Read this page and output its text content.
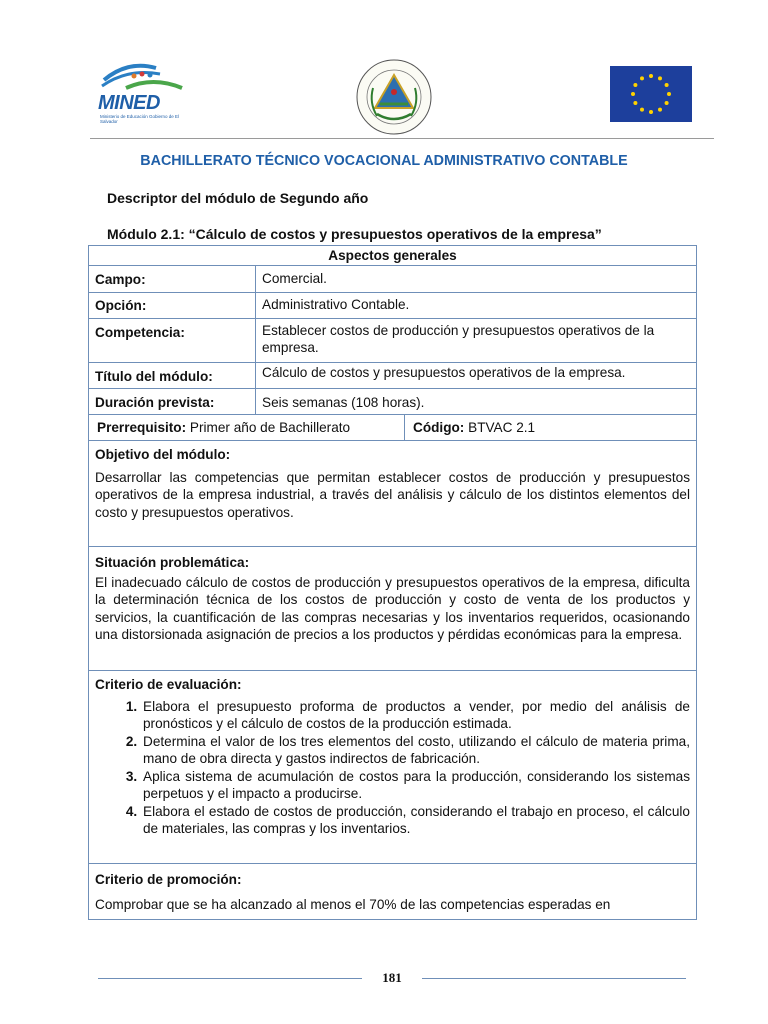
MINED
Ministerio de Educación Gobierno de El Salvador
BACHILLERATO TÉCNICO VOCACIONAL ADMINISTRATIVO CONTABLE
Descriptor del módulo de Segundo año
Módulo 2.1: “Cálculo de costos y presupuestos operativos de la empresa”
Aspectos generales
Campo:	Comercial.
Opción:	Administrativo Contable.
Competencia:	Establecer costos de producción y presupuestos operativos de la empresa.
Título del módulo:	Cálculo de costos y presupuestos operativos de la empresa.
Duración prevista:	Seis semanas (108 horas).
Prerrequisito: Primer año de Bachillerato	Código: BTVAC 2.1
Objetivo del módulo:
Desarrollar las competencias que permitan establecer costos de producción y presupuestos operativos de la empresa industrial, a través del análisis y cálculo de los distintos elementos del costo y presupuestos operativos.
Situación problemática:
El inadecuado cálculo de costos de producción y presupuestos operativos de la empresa, dificulta la determinación técnica de los costos de producción y costo de venta de los productos y servicios, la cuantificación de las compras necesarias y los inventarios requeridos, ocasionando una distorsionada asignación de precios a los productos y pérdidas económicas para la empresa.
Criterio de evaluación:
1. Elabora el presupuesto proforma de productos a vender, por medio del análisis de pronósticos y el cálculo de costos de la producción estimada.
2. Determina el valor de los tres elementos del costo, utilizando el cálculo de materia prima, mano de obra directa y gastos indirectos de fabricación.
3. Aplica sistema de acumulación de costos para la producción, considerando los sistemas perpetuos y el impacto a producirse.
4. Elabora el estado de costos de producción, considerando el trabajo en proceso, el cálculo de materiales, las compras y los inventarios.
Criterio de promoción:
Comprobar que se ha alcanzado al menos el 70% de las competencias esperadas en
181
